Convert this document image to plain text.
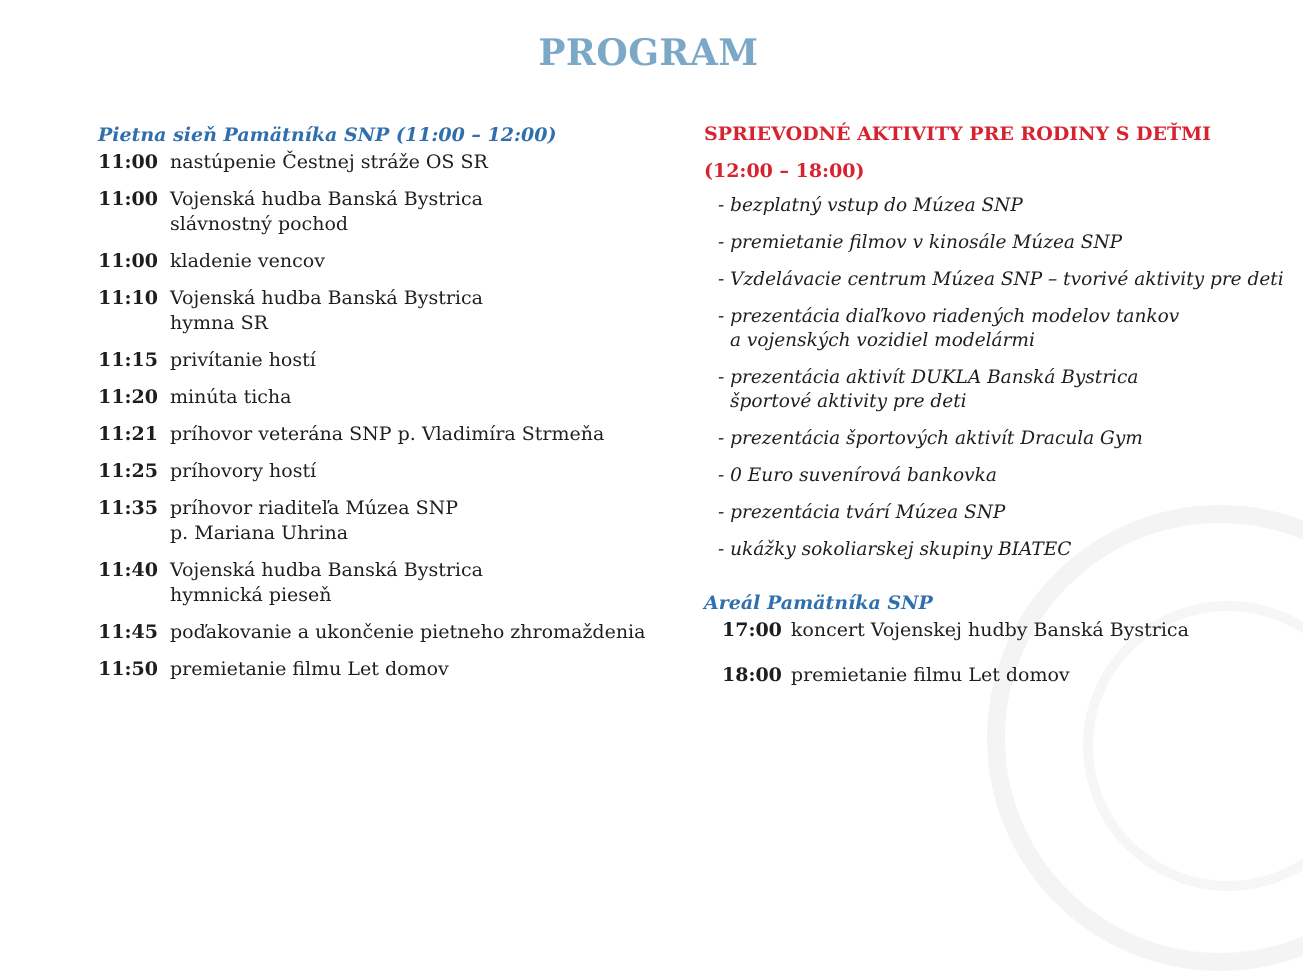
PROGRAM
Pietna sieň Pamätníka SNP (11:00 – 12:00)
11:00 nastúpenie Čestnej stráže OS SR
11:00 Vojenská hudba Banská Bystrica
slávnostný pochod
11:00 kladenie vencov
11:10 Vojenská hudba Banská Bystrica
hymna SR
11:15 privítanie hostí
11:20 minúta ticha
11:21 príhovor veterána SNP p. Vladimíra Strmeňa
11:25 príhovory hostí
11:35 príhovor riaditeľa Múzea SNP
p. Mariana Uhrina
11:40 Vojenská hudba Banská Bystrica
hymnická pieseň
11:45 poďakovanie a ukončenie pietneho zhromaždenia
11:50 premietanie filmu Let domov
SPRIEVODNÉ AKTIVITY PRE RODINY S DEŤMI
(12:00 – 18:00)
- bezplatný vstup do Múzea SNP
- premietanie filmov v kinosále Múzea SNP
- Vzdelávacie centrum Múzea SNP – tvorivé aktivity pre deti
- prezentácia diaľkovo riadených modelov tankov
a vojenských vozidiel modelármi
- prezentácia aktivít DUKLA Banská Bystrica
športové aktivity pre deti
- prezentácia športových aktivít Dracula Gym
- 0 Euro suvenírová bankovka
- prezentácia tvárí Múzea SNP
- ukážky sokoliarskej skupiny BIATEC
Areál Pamätníka SNP
17:00 koncert Vojenskej hudby Banská Bystrica
18:00 premietanie filmu Let domov
